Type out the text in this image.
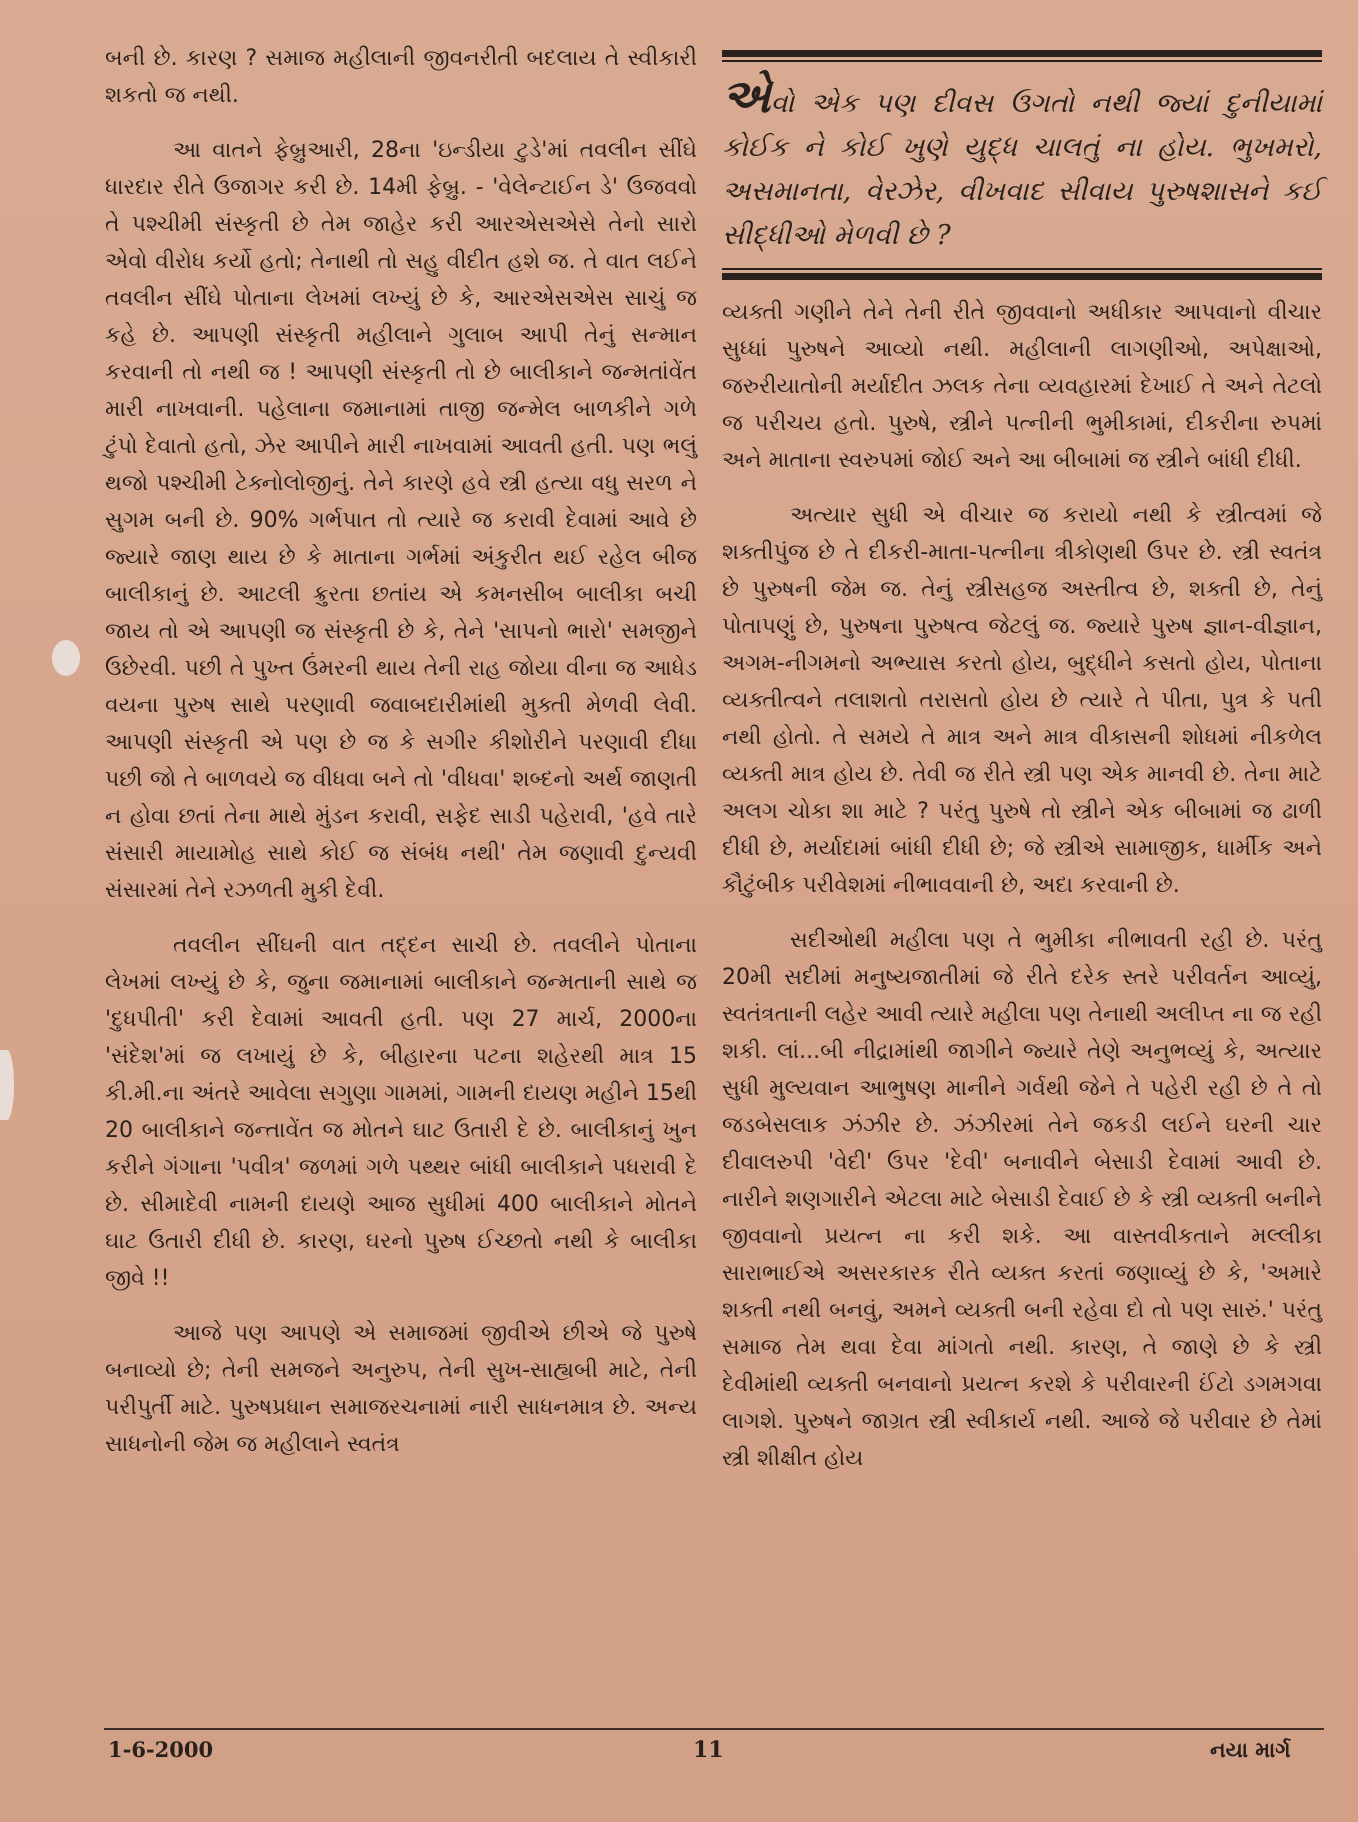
બની છે. કારણ ? સમાજ મહીલાની જીવનરીતી બદલાય તે સ્વીકારી શકતો જ નથી.

આ વાતને ફેબ્રુઆરી, 28ના 'ઇન્ડીયા ટુડે'માં તવલીન સીંઘે ધારદાર રીતે ઉજાગર કરી છે. 14મી ફેબ્રુ. - 'વેલેન્ટાઈન ડે' ઉજવવો તે પશ્ચીમી સંસ્કૃતી છે તેમ જાહેર કરી આરએસએસે તેનો સારો એવો વીરોધ કર્યો હતો; તેનાથી તો સહુ વીદીત હશે જ. તે વાત લઈને તવલીન સીંઘે પોતાના લેખમાં લખ્યું છે કે, આરએસએસ સાચું જ કહે છે. આપણી સંસ્કૃતી મહીલાને ગુલાબ આપી તેનું સન્માન કરવાની તો નથી જ ! આપણી સંસ્કૃતી તો છે બાલીકાને જન્મતાંવેંત મારી નાખવાની. પહેલાના જમાનામાં તાજી જન્મેલ બાળકીને ગળે ટુંપો દેવાતો હતો, ઝેર આપીને મારી નાખવામાં આવતી હતી. પણ ભલું થજો પશ્ચીમી ટેક્નોલોજીનું. તેને કારણે હવે સ્ત્રી હત્યા વધુ સરળ ને સુગમ બની છે. 90% ગર્ભપાત તો ત્યારે જ કરાવી દેવામાં આવે છે જ્યારે જાણ થાય છે કે માતાના ગર્ભમાં અંકુરીત થઈ રહેલ બીજ બાલીકાનું છે. આટલી ક્રુરતા છતાંય એ કમનસીબ બાલીકા બચી જાય તો એ આપણી જ સંસ્કૃતી છે કે, તેને 'સાપનો ભારો' સમજીને ઉછેરવી. પછી તે પુખ્ત ઉંમરની થાય તેની રાહ જોયા વીના જ આધેડ વયના પુરુષ સાથે પરણાવી જવાબદારીમાંથી મુક્તી મેળવી લેવી. આપણી સંસ્કૃતી એ પણ છે જ કે સગીર કીશોરીને પરણાવી દીધા પછી જો તે બાળવયે જ વીધવા બને તો 'વીધવા' શબ્દનો અર્થ જાણતી ન હોવા છતાં તેના માથે મુંડન કરાવી, સફેદ સાડી પહેરાવી, 'હવે તારે સંસારી માયામોહ સાથે કોઈ જ સંબંધ નથી' તેમ જણાવી દુન્યવી સંસારમાં તેને રઝળતી મુકી દેવી.

તવલીન સીંઘની વાત તદ્દન સાચી છે. તવલીને પોતાના લેખમાં લખ્યું છે કે, જુના જમાનામાં બાલીકાને જન્મતાની સાથે જ 'દુધપીતી' કરી દેવામાં આવતી હતી. પણ 27 માર્ચ, 2000ના 'સંદેશ'માં જ લખાયું છે કે, બીહારના પટના શહેરથી માત્ર 15 કી.મી.ના અંતરે આવેલા સગુણા ગામમાં, ગામની દાયણ મહીને 15થી 20 બાલીકાને જન્તાવેંત જ મોતને ઘાટ ઉતારી દે છે. બાલીકાનું ખુન કરીને ગંગાના 'પવીત્ર' જળમાં ગળે પથ્થર બાંધી બાલીકાને પધરાવી દે છે. સીમાદેવી નામની દાયણે આજ સુધીમાં 400 બાલીકાને મોતને ઘાટ ઉતારી દીધી છે. કારણ, ઘરનો પુરુષ ઈચ્છતો નથી કે બાલીકા જીવે !!

આજે પણ આપણે એ સમાજમાં જીવીએ છીએ જે પુરુષે બનાવ્યો છે; તેની સમજને અનુરુપ, તેની સુખ-સાહ્યબી માટે, તેની પરીપુર્તી માટે. પુરુષપ્રધાન સમાજરચનામાં નારી સાધનમાત્ર છે. અન્ય સાધનોની જેમ જ મહીલાને સ્વતંત્ર

એવો એક પણ દીવસ ઉગતો નથી જ્યાં દુનીયામાં કોઈક ને કોઈ ખુણે યુદ્ધ ચાલતું ના હોય. ભુખમરો, અસમાનતા, વેરઝેર, વીખવાદ સીવાય પુરુષશાસને કઈ સીદ્ધીઓ મેળવી છે ?

વ્યક્તી ગણીને તેને તેની રીતે જીવવાનો અધીકાર આપવાનો વીચાર સુધ્ધાં પુરુષને આવ્યો નથી. મહીલાની લાગણીઓ, અપેક્ષાઓ, જરુરીયાતોની મર્યાદીત ઝલક તેના વ્યવહારમાં દેખાઈ તે અને તેટલો જ પરીચય હતો. પુરુષે, સ્ત્રીને પત્નીની ભુમીકામાં, દીકરીના રુપમાં અને માતાના સ્વરુપમાં જોઈ અને આ બીબામાં જ સ્ત્રીને બાંધી દીધી.

અત્યાર સુધી એ વીચાર જ કરાયો નથી કે સ્ત્રીત્વમાં જે શક્તીપુંજ છે તે દીકરી-માતા-પત્નીના ત્રીકોણથી ઉપર છે. સ્ત્રી સ્વતંત્ર છે પુરુષની જેમ જ. તેનું સ્ત્રીસહજ અસ્તીત્વ છે, શક્તી છે, તેનું પોતાપણું છે, પુરુષના પુરુષત્વ જેટલું જ. જ્યારે પુરુષ જ્ઞાન-વીજ્ઞાન, અગમ-નીગમનો અભ્યાસ કરતો હોય, બુદ્ધીને કસતો હોય, પોતાના વ્યક્તીત્વને તલાશતો તરાસતો હોય છે ત્યારે તે પીતા, પુત્ર કે પતી નથી હોતો. તે સમયે તે માત્ર અને માત્ર વીકાસની શોધમાં નીકળેલ વ્યક્તી માત્ર હોય છે. તેવી જ રીતે સ્ત્રી પણ એક માનવી છે. તેના માટે અલગ ચોકા શા માટે ? પરંતુ પુરુષે તો સ્ત્રીને એક બીબામાં જ ઢાળી દીધી છે, મર્યાદામાં બાંધી દીધી છે; જે સ્ત્રીએ સામાજીક, ધાર્મીક અને કૌટુંબીક પરીવેશમાં નીભાવવાની છે, અદા કરવાની છે.

સદીઓથી મહીલા પણ તે ભુમીકા નીભાવતી રહી છે. પરંતુ 20મી સદીમાં મનુષ્યજાતીમાં જે રીતે દરેક સ્તરે પરીવર્તન આવ્યું, સ્વતંત્રતાની લહેર આવી ત્યારે મહીલા પણ તેનાથી અલીપ્ત ના જ રહી શકી. લાં...બી નીદ્રામાંથી જાગીને જ્યારે તેણે અનુભવ્યું કે, અત્યાર સુધી મુલ્યવાન આભુષણ માનીને ગર્વથી જેને તે પહેરી રહી છે તે તો જડબેસલાક ઝંઝીર છે. ઝંઝીરમાં તેને જકડી લઈને ઘરની ચાર દીવાલરુપી 'વેદી' ઉપર 'દેવી' બનાવીને બેસાડી દેવામાં આવી છે. નારીને શણગારીને એટલા માટે બેસાડી દેવાઈ છે કે સ્ત્રી વ્યક્તી બનીને જીવવાનો પ્રયત્ન ના કરી શકે. આ વાસ્તવીકતાને મલ્લીકા સારાભાઈએ અસરકારક રીતે વ્યક્ત કરતાં જણાવ્યું છે કે, 'અમારે શક્તી નથી બનવું, અમને વ્યક્તી બની રહેવા દો તો પણ સારું.' પરંતુ સમાજ તેમ થવા દેવા માંગતો નથી. કારણ, તે જાણે છે કે સ્ત્રી દેવીમાંથી વ્યક્તી બનવાનો પ્રયત્ન કરશે કે પરીવારની ઈંટો ડગમગવા લાગશે. પુરુષને જાગ્રત સ્ત્રી સ્વીકાર્ય નથી. આજે જે પરીવાર છે તેમાં સ્ત્રી શીક્ષીત હોય

1-6-2000	11	નયા માર્ગ
